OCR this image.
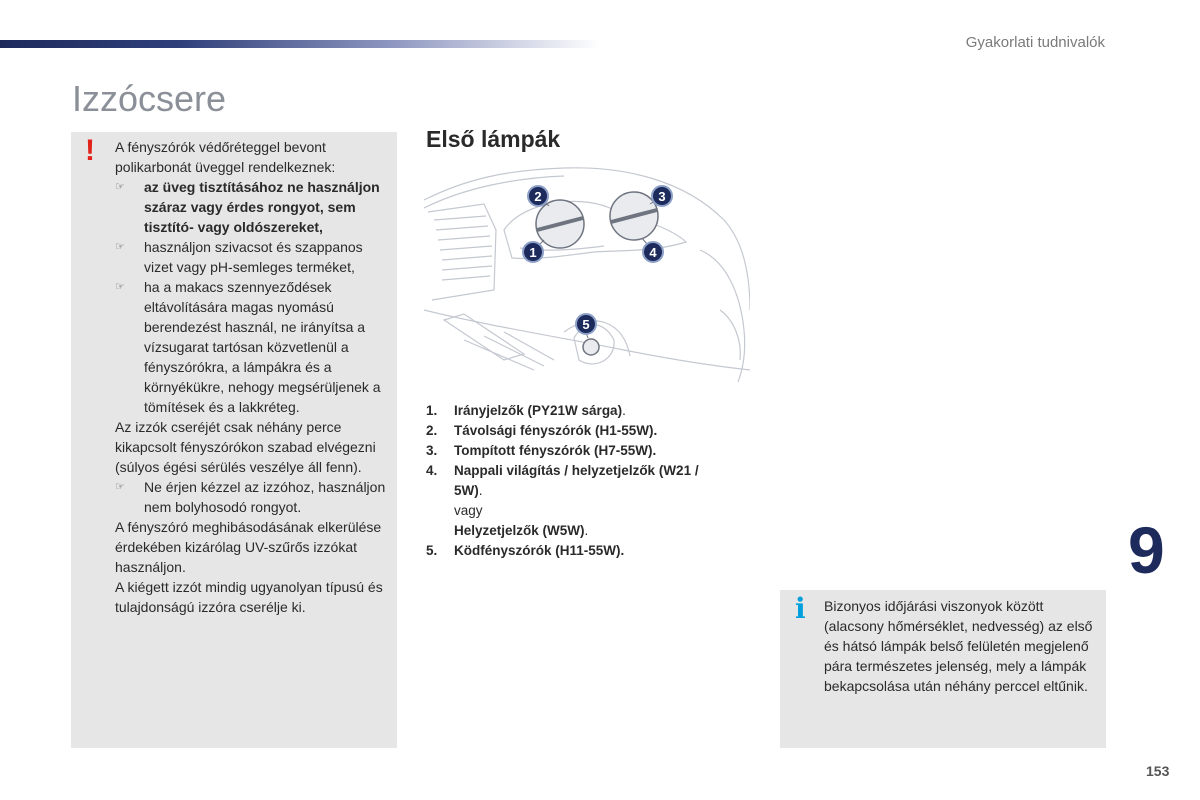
Gyakorlati tudnivalók
Izzócsere
! A fényszórók védőréteggel bevont polikarbonát üveggel rendelkeznek:

☞	az üveg tisztításához ne használjon száraz vagy érdes rongyot, sem tisztító- vagy oldószereket,
☞	használjon szivacsot és szappanos vizet vagy pH-semleges terméket,
☞	ha a makacs szennyeződések eltávolítására magas nyomású berendezést használ, ne irányítsa a vízsugarat tartósan közvetlenül a fényszórókra, a lámpákra és a környékükre, nehogy megsérüljenek a tömítések és a lakkréteg.

Az izzók cseréjét csak néhány perce kikapcsolt fényszórókon szabad elvégezni (súlyos égési sérülés veszélye áll fenn).

☞	Ne érjen kézzel az izzóhoz, használjon nem bolyhosodó rongyot.

A fényszóró meghibásodásának elkerülése érdekében kizárólag UV-szűrős izzókat használjon.

A kiégett izzót mindig ugyanolyan típusú és tulajdonságú izzóra cserélje ki.

Első lámpák
2	3
1	4
5
1. Irányjelzők (PY21W sárga).
2. Távolsági fényszórók (H1-55W).
3. Tompított fényszórók (H7-55W).
4. Nappali világítás / helyzetjelzők (W21 / 5W).
vagy
Helyzetjelzők (W5W).
5. Ködfényszórók (H11-55W).	9
i Bizonyos időjárási viszonyok között (alacsony hőmérséklet, nedvesség) az első és hátsó lámpák belső felületén megjelenő pára természetes jelenség, mely a lámpák bekapcsolása után néhány perccel eltűnik.

153
